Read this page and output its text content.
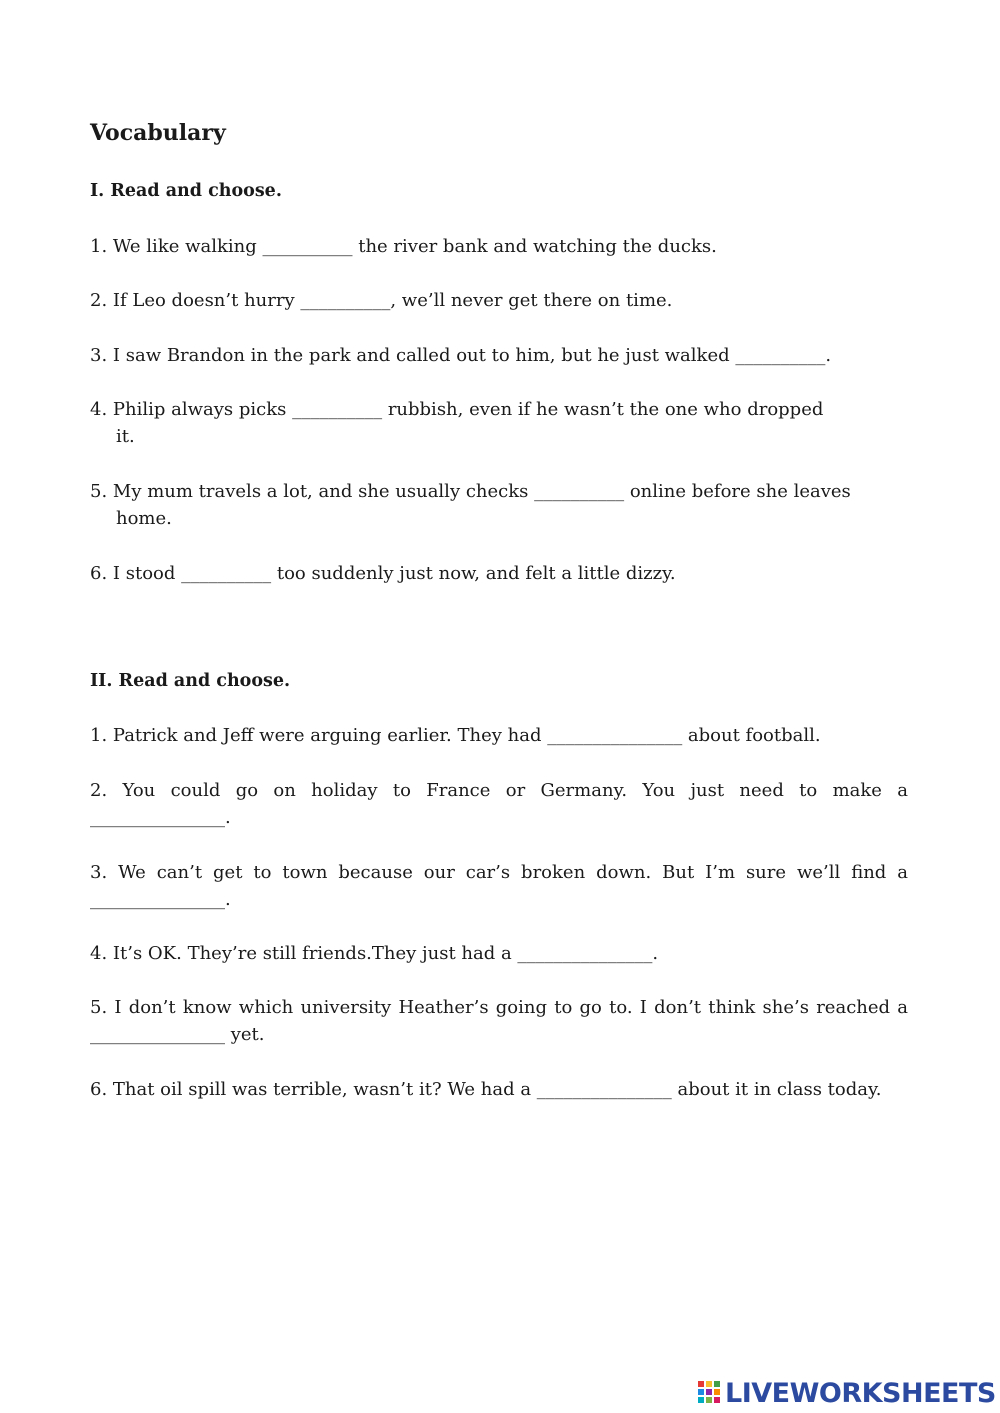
Vocabulary

I. Read and choose.

1. We like walking __________ the river bank and watching the ducks.

2. If Leo doesn’t hurry __________, we’ll never get there on time.

3. I saw Brandon in the park and called out to him, but he just walked __________.

4. Philip always picks __________ rubbish, even if he wasn’t the one who dropped it.

5. My mum travels a lot, and she usually checks __________ online before she leaves home.

6. I stood __________ too suddenly just now, and felt a little dizzy.

II. Read and choose.

1. Patrick and Jeff were arguing earlier. They had _______________ about football.

2. You could go on holiday to France or Germany. You just need to make a _______________.

3. We can’t get to town because our car’s broken down. But I’m sure we’ll find a _______________.

4. It’s OK. They’re still friends.They just had a _______________.

5. I don’t know which university Heather’s going to go to. I don’t think she’s reached a _______________ yet.

6. That oil spill was terrible, wasn’t it? We had a _______________ about it in class today.

LIVEWORKSHEETS
